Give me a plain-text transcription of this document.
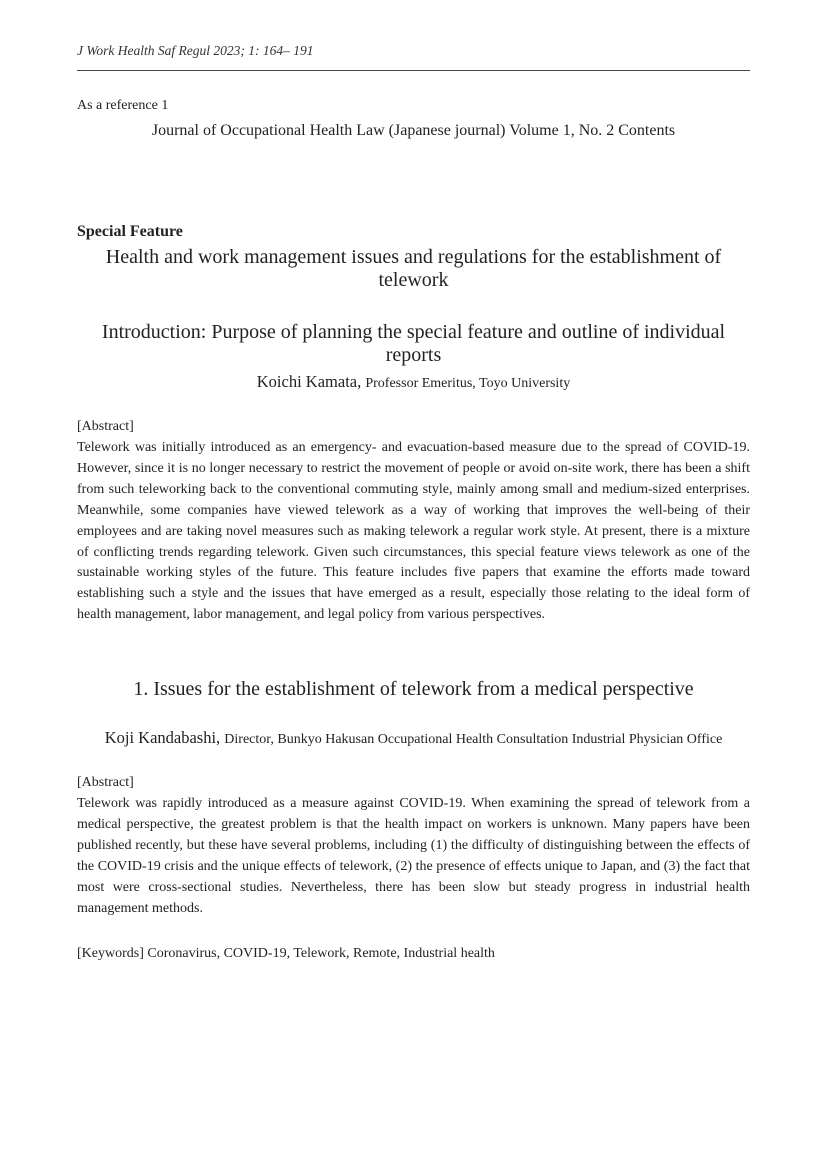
J Work Health Saf Regul 2023; 1: 164– 191
As a reference 1
Journal of Occupational Health Law (Japanese journal) Volume 1, No. 2 Contents
Special Feature
Health and work management issues and regulations for the establishment of telework
Introduction: Purpose of planning the special feature and outline of individual reports
Koichi Kamata, Professor Emeritus, Toyo University
[Abstract]
Telework was initially introduced as an emergency- and evacuation-based measure due to the spread of COVID-19. However, since it is no longer necessary to restrict the movement of people or avoid on-site work, there has been a shift from such teleworking back to the conventional commuting style, mainly among small and medium-sized enterprises. Meanwhile, some companies have viewed telework as a way of working that improves the well-being of their employees and are taking novel measures such as making telework a regular work style. At present, there is a mixture of conflicting trends regarding telework. Given such circumstances, this special feature views telework as one of the sustainable working styles of the future. This feature includes five papers that examine the efforts made toward establishing such a style and the issues that have emerged as a result, especially those relating to the ideal form of health management, labor management, and legal policy from various perspectives.
1. Issues for the establishment of telework from a medical perspective
Koji Kandabashi, Director, Bunkyo Hakusan Occupational Health Consultation Industrial Physician Office
[Abstract]
Telework was rapidly introduced as a measure against COVID-19. When examining the spread of telework from a medical perspective, the greatest problem is that the health impact on workers is unknown. Many papers have been published recently, but these have several problems, including (1) the difficulty of distinguishing between the effects of the COVID-19 crisis and the unique effects of telework, (2) the presence of effects unique to Japan, and (3) the fact that most were cross-sectional studies. Nevertheless, there has been slow but steady progress in industrial health management methods.
[Keywords] Coronavirus, COVID-19, Telework, Remote, Industrial health
